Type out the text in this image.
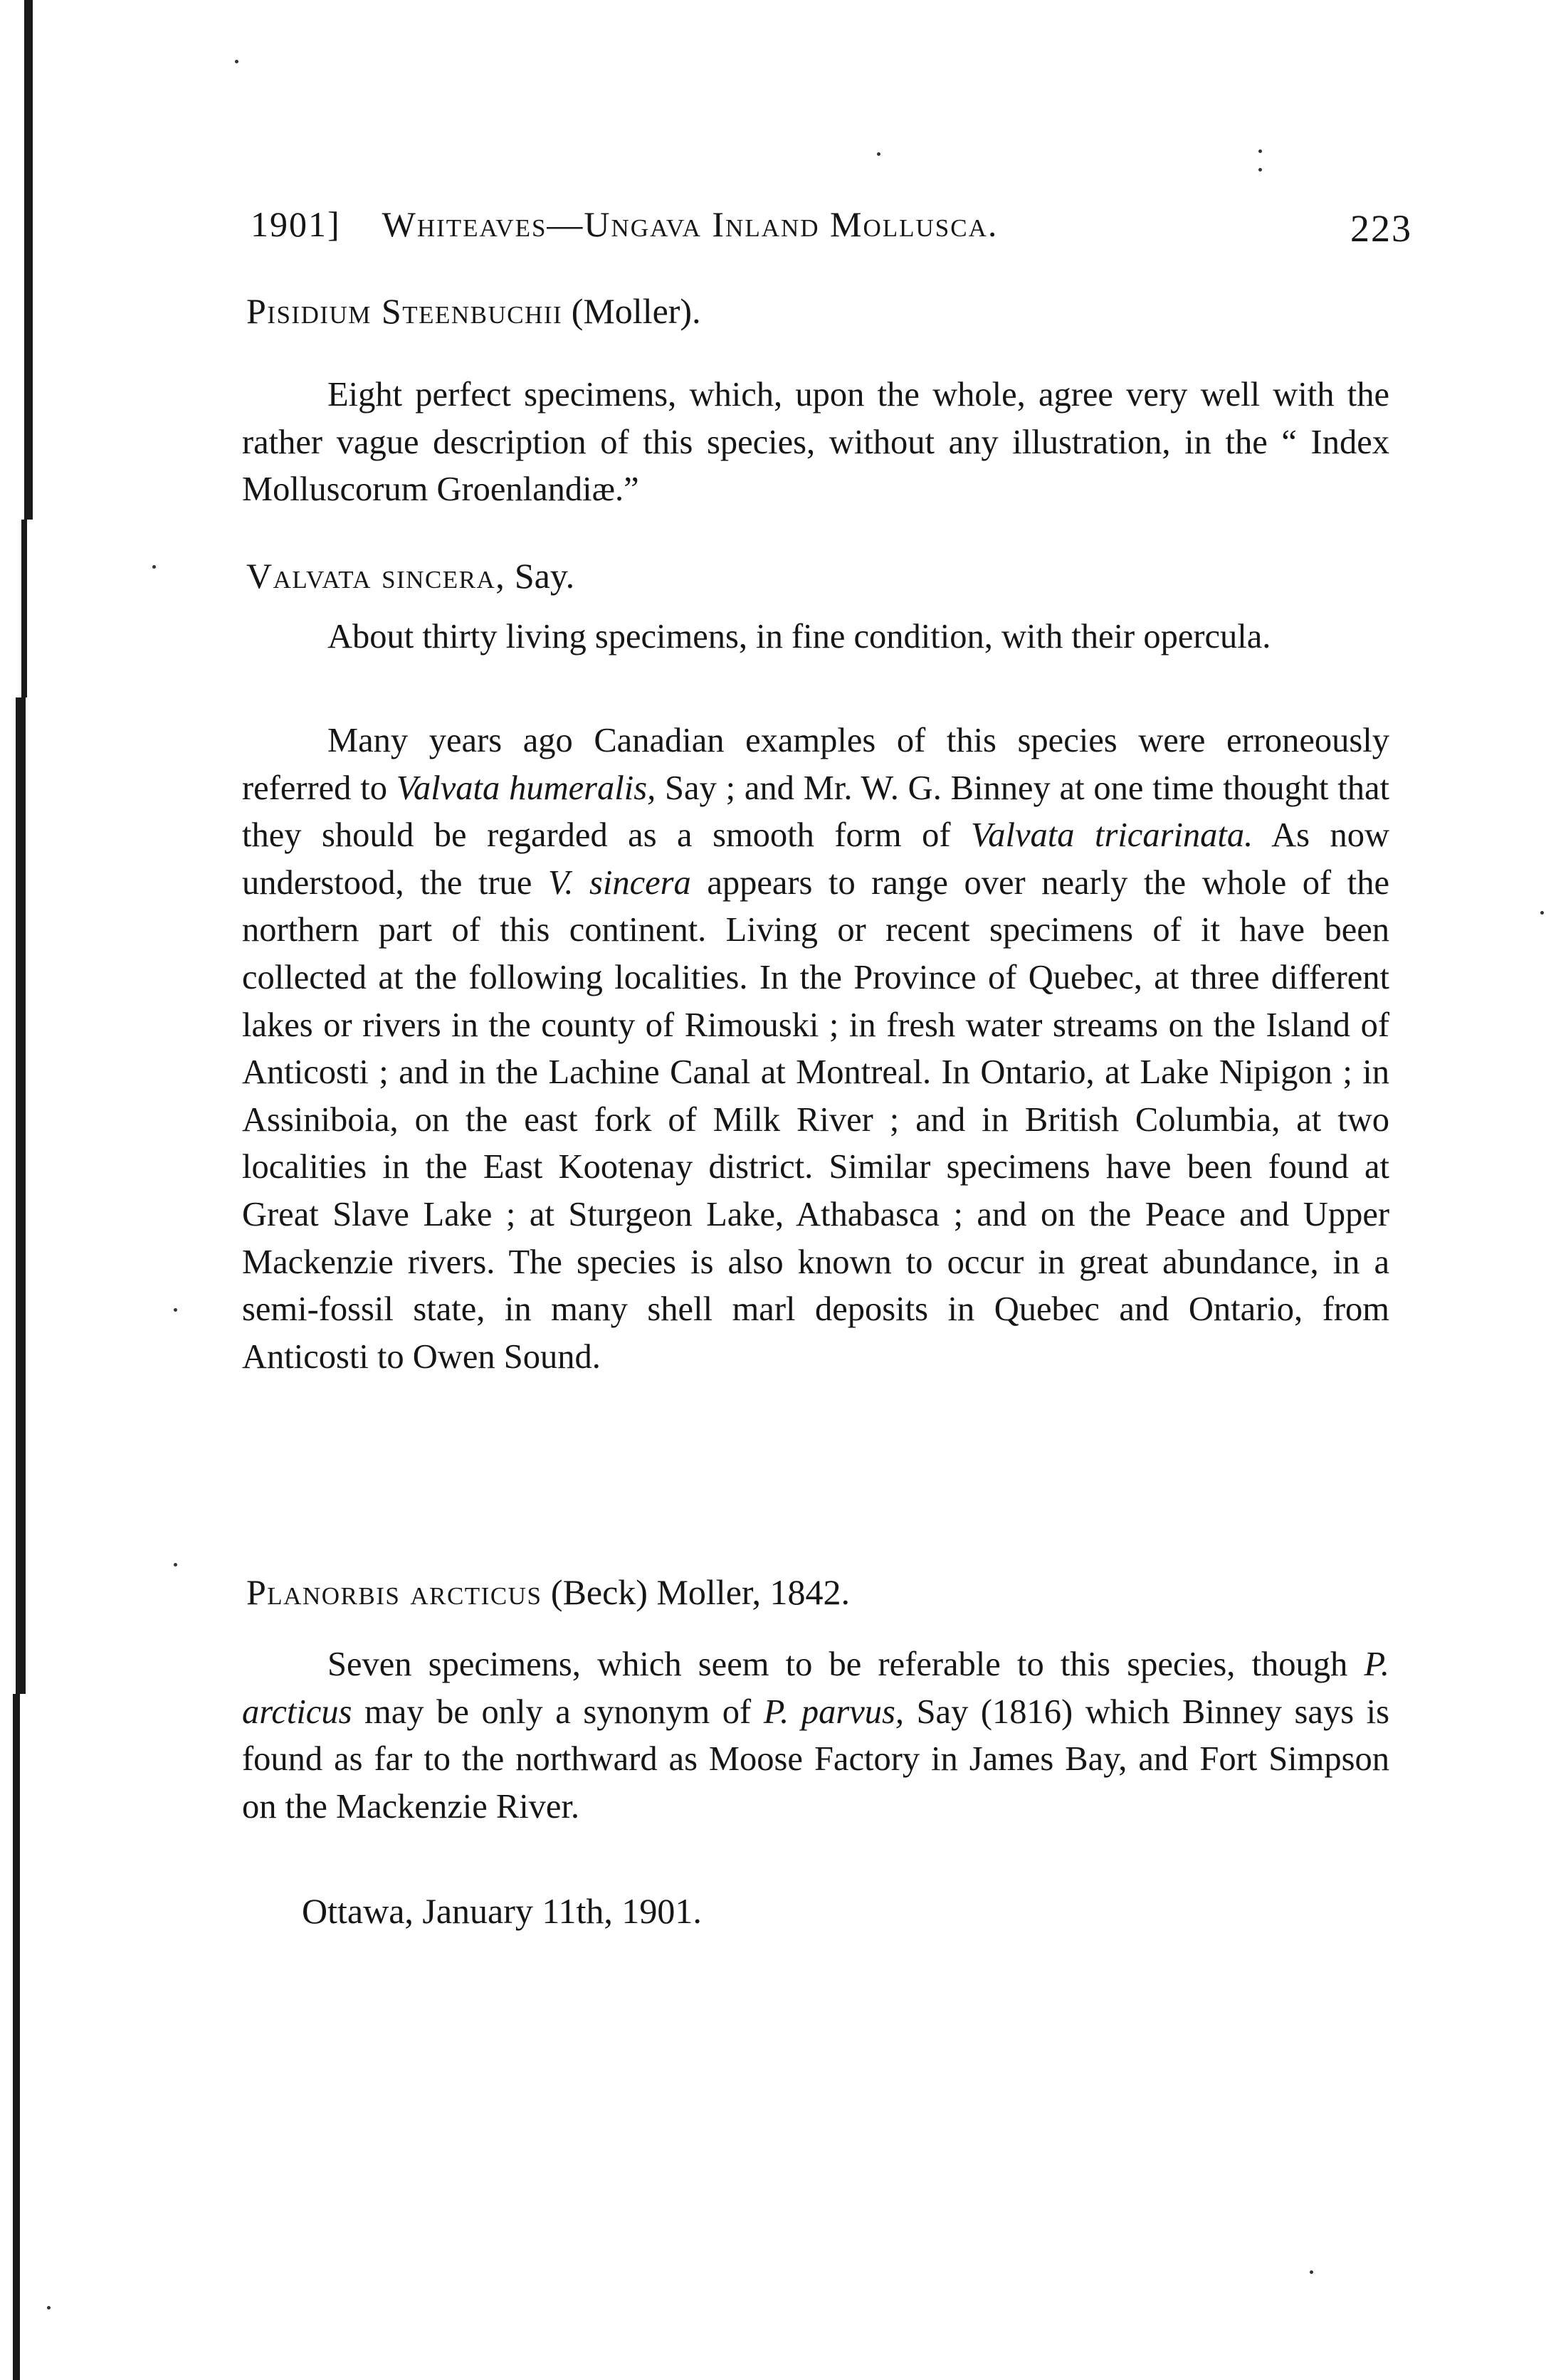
1901] Whiteaves—Ungava Inland Mollusca.	223
Pisidium Steenbuchii (Moller).
Eight perfect specimens, which, upon the whole, agree very well with the rather vague description of this species, without any illustration, in the “ Index Molluscorum Groenlandiæ.”
Valvata sincera, Say.
About thirty living specimens, in fine condition, with their opercula.
Many years ago Canadian examples of this species were erroneously referred to Valvata humeralis, Say ; and Mr. W. G. Binney at one time thought that they should be regarded as a smooth form of Valvata tricarinata. As now understood, the true V. sincera appears to range over nearly the whole of the northern part of this continent. Living or recent specimens of it have been collected at the following localities. In the Province of Quebec, at three different lakes or rivers in the county of Rimouski ; in fresh water streams on the Island of Anticosti ; and in the Lachine Canal at Montreal. In Ontario, at Lake Nipigon ; in Assiniboia, on the east fork of Milk River ; and in British Columbia, at two localities in the East Kootenay district. Similar specimens have been found at Great Slave Lake ; at Sturgeon Lake, Athabasca ; and on the Peace and Upper Mackenzie rivers. The species is also known to occur in great abundance, in a semi-fossil state, in many shell marl deposits in Quebec and Ontario, from Anticosti to Owen Sound.
Planorbis arcticus (Beck) Moller, 1842.
Seven specimens, which seem to be referable to this species, though P. arcticus may be only a synonym of P. parvus, Say (1816) which Binney says is found as far to the northward as Moose Factory in James Bay, and Fort Simpson on the Mackenzie River.
Ottawa, January 11th, 1901.
